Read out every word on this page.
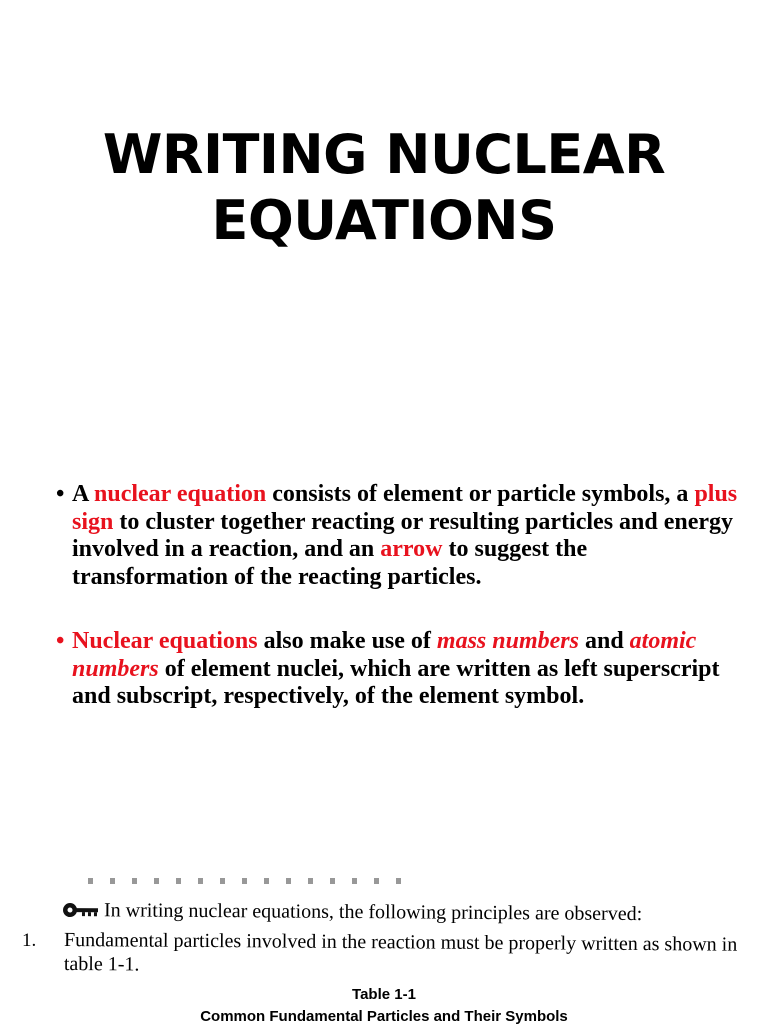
WRITING NUCLEAR
EQUATIONS
• A nuclear equation consists of element or particle symbols, a plus sign to cluster together reacting or resulting particles and energy involved in a reaction, and an arrow to suggest the transformation of the reacting particles.
• Nuclear equations also make use of mass numbers and atomic numbers of element nuclei, which are written as left superscript and subscript, respectively, of the element symbol.
In writing nuclear equations, the following principles are observed:
1. Fundamental particles involved in the reaction must be properly written as shown in table 1-1.
Table 1-1
Common Fundamental Particles and Their Symbols
